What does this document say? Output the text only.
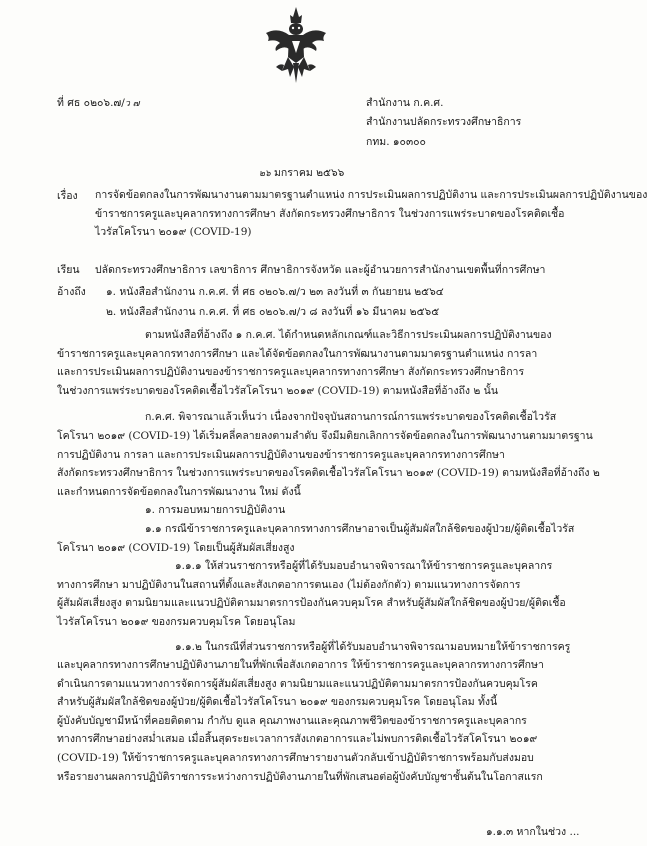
ที่ ศธ ๐๒๐๖.๗/ว ๗	สำนักงาน ก.ค.ศ.
สำนักงานปลัดกระทรวงศึกษาธิการ
กทม. ๑๐๓๐๐
๒๖ มกราคม ๒๕๖๖
เรื่อง การจัดข้อตกลงในการพัฒนางานตามมาตรฐานตำแหน่ง การประเมินผลการปฏิบัติงาน และการประเมินผลการปฏิบัติงานของ
ข้าราชการครูและบุคลากรทางการศึกษา สังกัดกระทรวงศึกษาธิการ ในช่วงการแพร่ระบาดของโรคติดเชื้อ
ไวรัสโคโรนา ๒๐๑๙ (COVID-19)
เรียน ปลัดกระทรวงศึกษาธิการ เลขาธิการ ศึกษาธิการจังหวัด และผู้อำนวยการสำนักงานเขตพื้นที่การศึกษา
อ้างถึง ๑. หนังสือสำนักงาน ก.ค.ศ. ที่ ศธ ๐๒๐๖.๗/ว ๒๓ ลงวันที่ ๓ กันยายน ๒๕๖๔
๒. หนังสือสำนักงาน ก.ค.ศ. ที่ ศธ ๐๒๐๖.๗/ว ๘ ลงวันที่ ๑๖ มีนาคม ๒๕๖๕
ตามหนังสือที่อ้างถึง ๑ ก.ค.ศ. ได้กำหนดหลักเกณฑ์และวิธีการประเมินผลการปฏิบัติงานของ
ข้าราชการครูและบุคลากรทางการศึกษา และได้จัดข้อตกลงในการพัฒนางานตามมาตรฐานตำแหน่ง การลา
และการประเมินผลการปฏิบัติงานของข้าราชการครูและบุคลากรทางการศึกษา สังกัดกระทรวงศึกษาธิการ
ในช่วงการแพร่ระบาดของโรคติดเชื้อไวรัสโคโรนา ๒๐๑๙ (COVID-19) ตามหนังสือที่อ้างถึง ๒ นั้น
ก.ค.ศ. พิจารณาแล้วเห็นว่า เนื่องจากปัจจุบันสถานการณ์การแพร่ระบาดของโรคติดเชื้อไวรัส
โคโรนา ๒๐๑๙ (COVID-19) ได้เริ่มคลี่คลายลงตามลำดับ จึงมีมติยกเลิกการจัดข้อตกลงในการพัฒนางานตามมาตรฐาน
การปฏิบัติงาน การลา และการประเมินผลการปฏิบัติงานของข้าราชการครูและบุคลากรทางการศึกษา
สังกัดกระทรวงศึกษาธิการ ในช่วงการแพร่ระบาดของโรคติดเชื้อไวรัสโคโรนา ๒๐๑๙ (COVID-19) ตามหนังสือที่อ้างถึง ๒
และกำหนดการจัดข้อตกลงในการพัฒนางาน ใหม่ ดังนี้
๑. การมอบหมายการปฏิบัติงาน
๑.๑ กรณีข้าราชการครูและบุคลากรทางการศึกษาอาจเป็นผู้สัมผัสใกล้ชิดของผู้ป่วย/ผู้ติดเชื้อไวรัส
โคโรนา ๒๐๑๙ (COVID-19) โดยเป็นผู้สัมผัสเสี่ยงสูง
๑.๑.๑ ให้ส่วนราชการหรือผู้ที่ได้รับมอบอำนาจพิจารณาให้ข้าราชการครูและบุคลากร
ทางการศึกษา มาปฏิบัติงานในสถานที่ตั้งและสังเกตอาการตนเอง (ไม่ต้องกักตัว) ตามแนวทางการจัดการ
ผู้สัมผัสเสี่ยงสูง ตามนิยามและแนวปฏิบัติตามมาตรการป้องกันควบคุมโรค สำหรับผู้สัมผัสใกล้ชิดของผู้ป่วย/ผู้ติดเชื้อ
ไวรัสโคโรนา ๒๐๑๙ ของกรมควบคุมโรค โดยอนุโลม
๑.๑.๒ ในกรณีที่ส่วนราชการหรือผู้ที่ได้รับมอบอำนาจพิจารณามอบหมายให้ข้าราชการครู
และบุคลากรทางการศึกษาปฏิบัติงานภายในที่พักเพื่อสังเกตอาการ ให้ข้าราชการครูและบุคลากรทางการศึกษา
ดำเนินการตามแนวทางการจัดการผู้สัมผัสเสี่ยงสูง ตามนิยามและแนวปฏิบัติตามมาตรการป้องกันควบคุมโรค
สำหรับผู้สัมผัสใกล้ชิดของผู้ป่วย/ผู้ติดเชื้อไวรัสโคโรนา ๒๐๑๙ ของกรมควบคุมโรค โดยอนุโลม ทั้งนี้
ผู้บังคับบัญชามีหน้าที่คอยติดตาม กำกับ ดูแล คุณภาพงานและคุณภาพชีวิตของข้าราชการครูและบุคลากร
ทางการศึกษาอย่างสม่ำเสมอ เมื่อสิ้นสุดระยะเวลาการสังเกตอาการและไม่พบการติดเชื้อไวรัสโคโรนา ๒๐๑๙
(COVID-19) ให้ข้าราชการครูและบุคลากรทางการศึกษารายงานตัวกลับเข้าปฏิบัติราชการพร้อมกับส่งมอบ
หรือรายงานผลการปฏิบัติราชการระหว่างการปฏิบัติงานภายในที่พักเสนอต่อผู้บังคับบัญชาชั้นต้นในโอกาสแรก
๑.๑.๓ หากในช่วง ...
